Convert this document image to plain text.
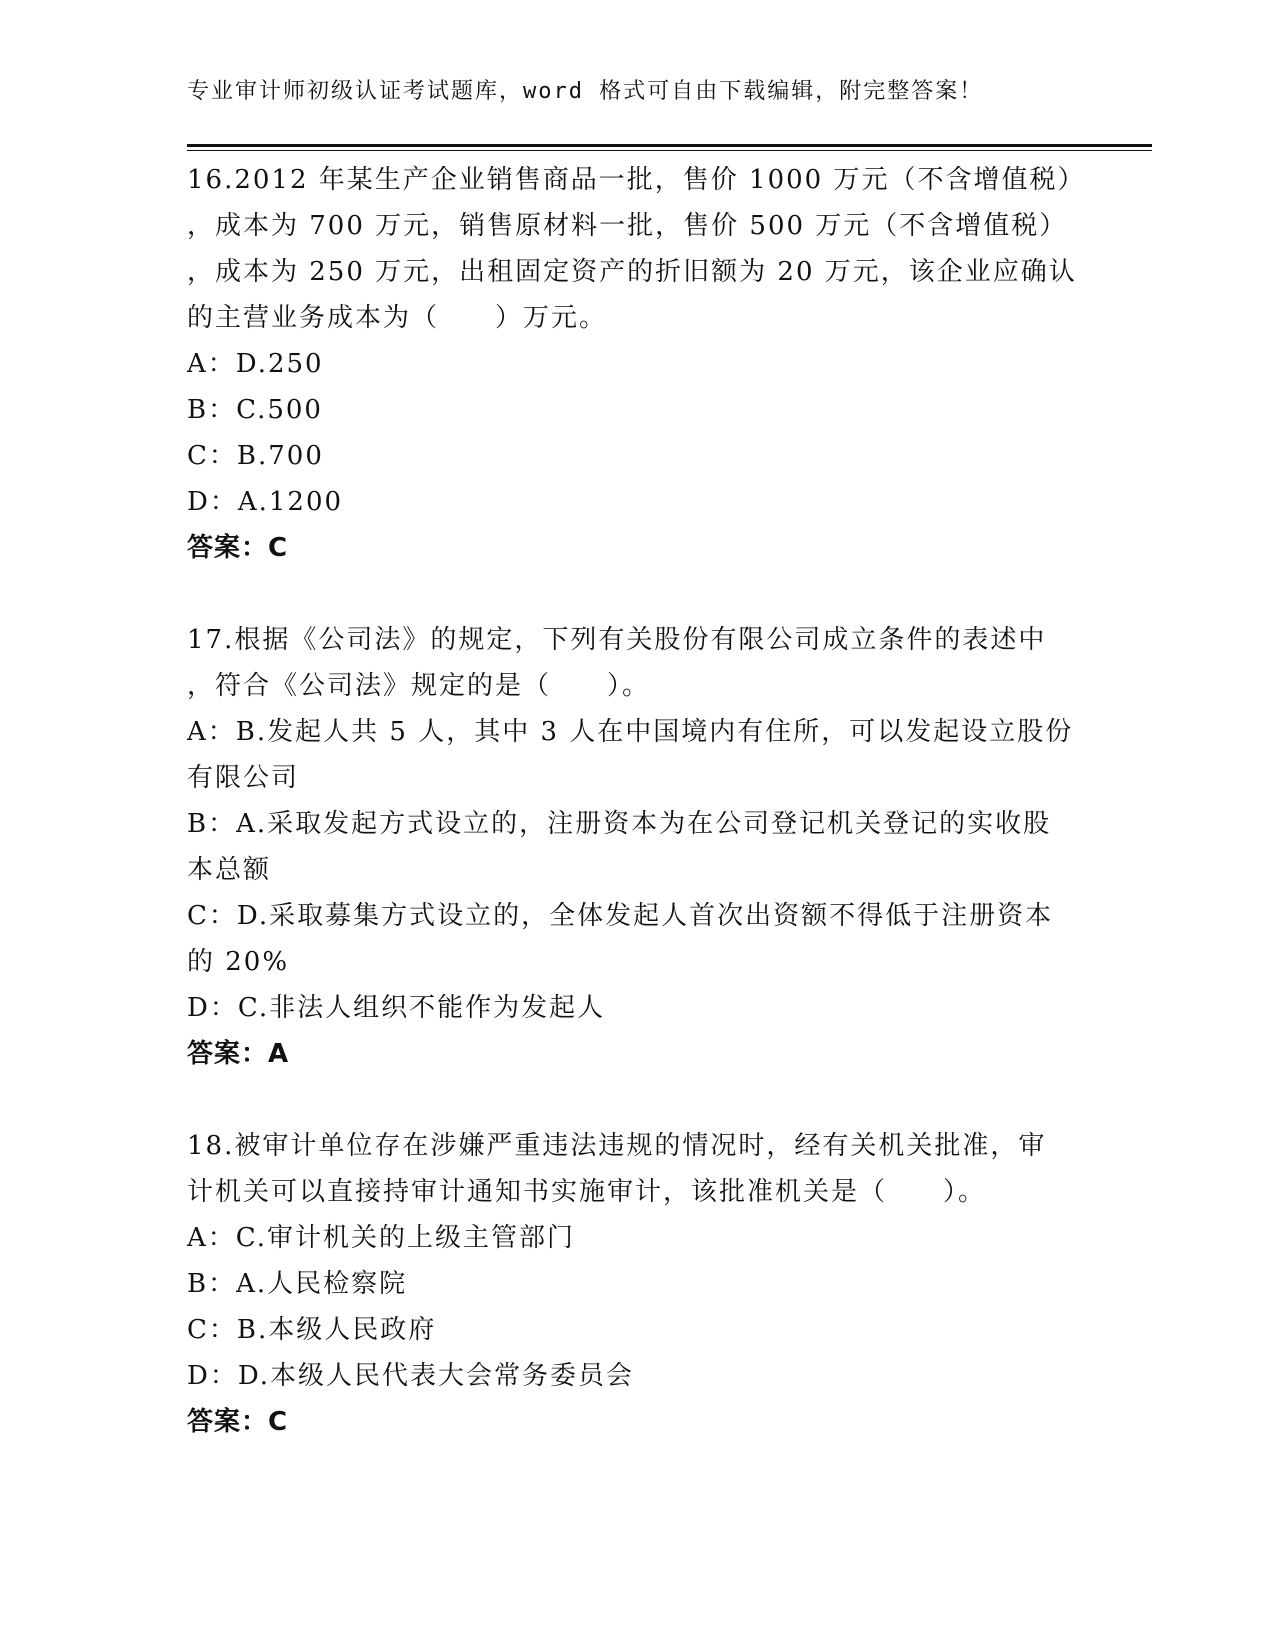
专业审计师初级认证考试题库，word 格式可自由下载编辑，附完整答案！
16.2012 年某生产企业销售商品一批，售价 1000 万元（不含增值税）
，成本为 700 万元，销售原材料一批，售价 500 万元（不含增值税）
，成本为 250 万元，出租固定资产的折旧额为 20 万元，该企业应确认
的主营业务成本为（　　）万元。
A：D.250
B：C.500
C：B.700
D：A.1200
答案：C
17.根据《公司法》的规定，下列有关股份有限公司成立条件的表述中
，符合《公司法》规定的是（　　）。
A：B.发起人共 5 人，其中 3 人在中国境内有住所，可以发起设立股份
有限公司
B：A.采取发起方式设立的，注册资本为在公司登记机关登记的实收股
本总额
C：D.采取募集方式设立的，全体发起人首次出资额不得低于注册资本
的 20%
D：C.非法人组织不能作为发起人
答案：A
18.被审计单位存在涉嫌严重违法违规的情况时，经有关机关批准，审
计机关可以直接持审计通知书实施审计，该批准机关是（　　）。
A：C.审计机关的上级主管部门
B：A.人民检察院
C：B.本级人民政府
D：D.本级人民代表大会常务委员会
答案：C
